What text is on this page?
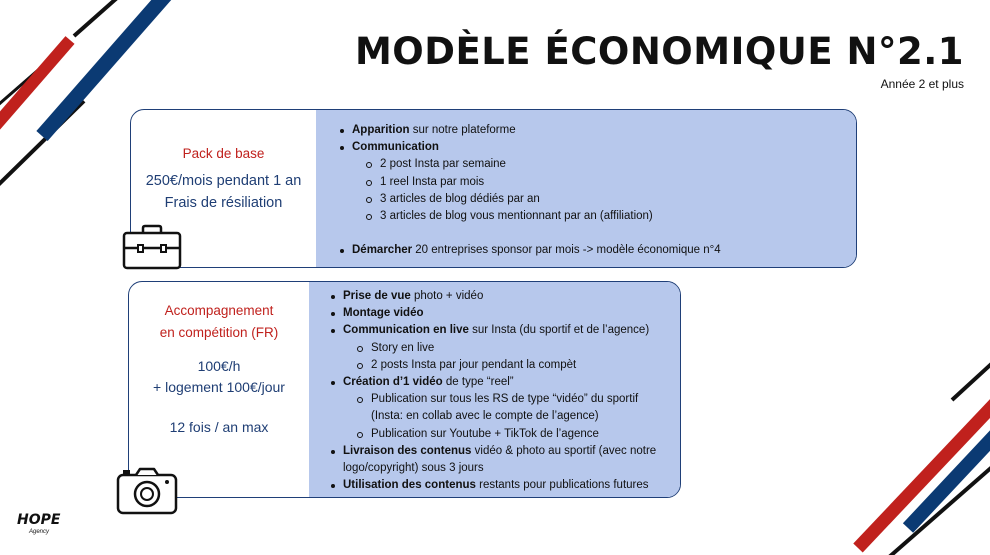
MODÈLE ÉCONOMIQUE N°2.1
Année 2 et plus
Pack de base
250€/mois pendant 1 an
Frais de résiliation
Apparition sur notre plateforme
Communication
2 post Insta par semaine
1 reel Insta par mois
3 articles de blog dédiés par an
3 articles de blog vous mentionnant par an (affiliation)
Démarcher 20 entreprises sponsor par mois -> modèle économique n°4
Accompagnement
en compétition (FR)
100€/h
+ logement 100€/jour
12 fois / an max
Prise de vue photo + vidéo
Montage vidéo
Communication en live sur Insta (du sportif et de l’agence)
Story en live
2 posts Insta par jour pendant la compèt
Création d’1 vidéo de type “reel”
Publication sur tous les RS de type “vidéo” du sportif
(Insta: en collab avec le compte de l’agence)
Publication sur Youtube + TikTok de l’agence
Livraison des contenus vidéo & photo au sportif (avec notre
logo/copyright) sous 3 jours
Utilisation des contenus restants pour publications futures
HOPE
Agency
